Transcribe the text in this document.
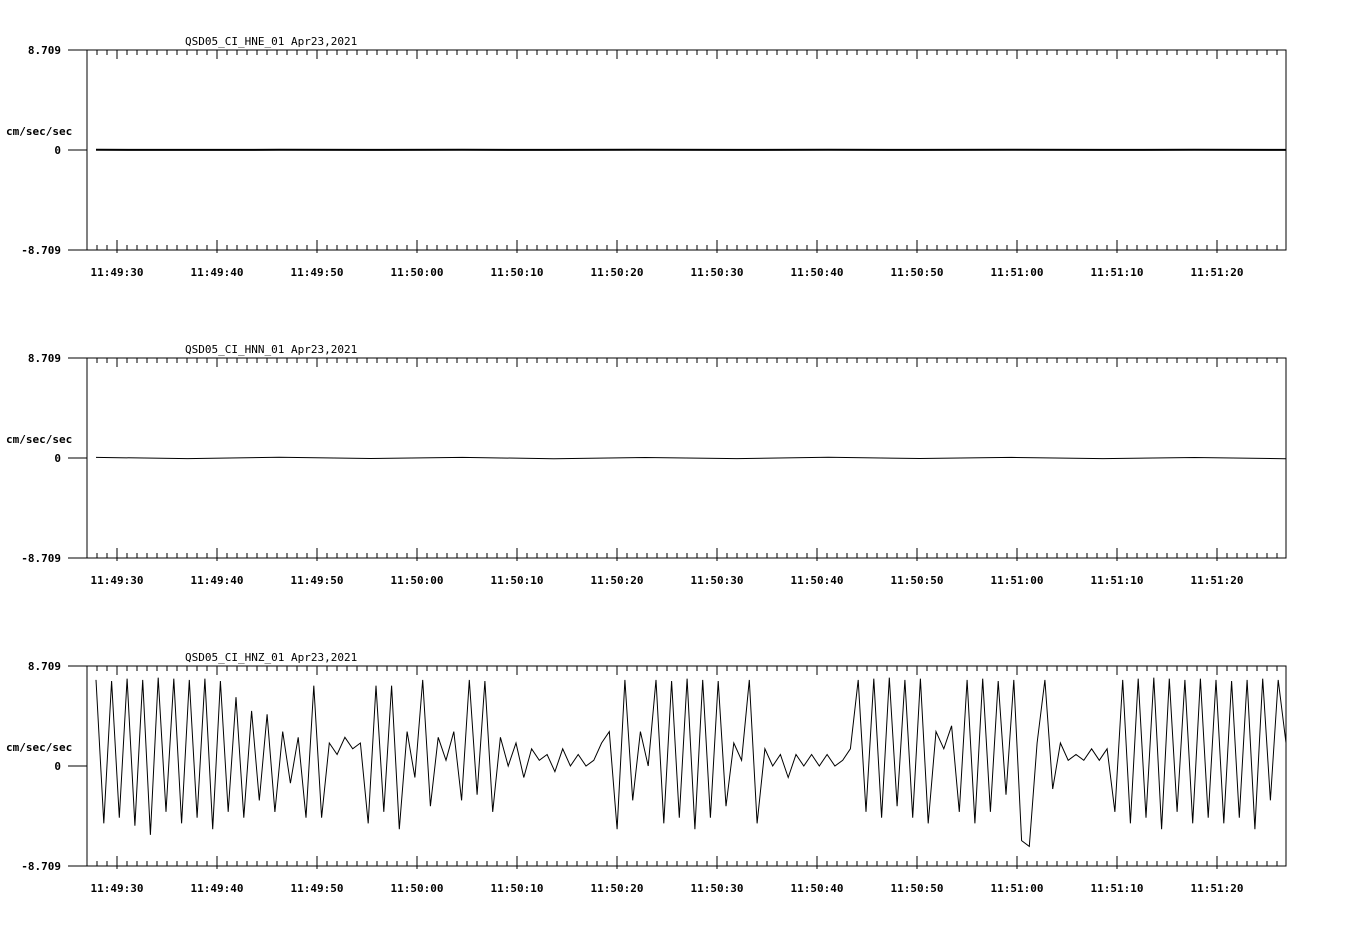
QSD05_CI_HNE_01 Apr23,2021
cm/sec/sec
8.709
0
-8.709
11:49:30	11:49:40	11:49:50	11:50:00	11:50:10	11:50:20	11:50:30	11:50:40	11:50:50	11:51:00	11:51:10	11:51:20
QSD05_CI_HNN_01 Apr23,2021
cm/sec/sec
8.709
0
-8.709
11:49:30	11:49:40	11:49:50	11:50:00	11:50:10	11:50:20	11:50:30	11:50:40	11:50:50	11:51:00	11:51:10	11:51:20
QSD05_CI_HNZ_01 Apr23,2021
cm/sec/sec
8.709
0
-8.709
11:49:30	11:49:40	11:49:50	11:50:00	11:50:10	11:50:20	11:50:30	11:50:40	11:50:50	11:51:00	11:51:10	11:51:20
